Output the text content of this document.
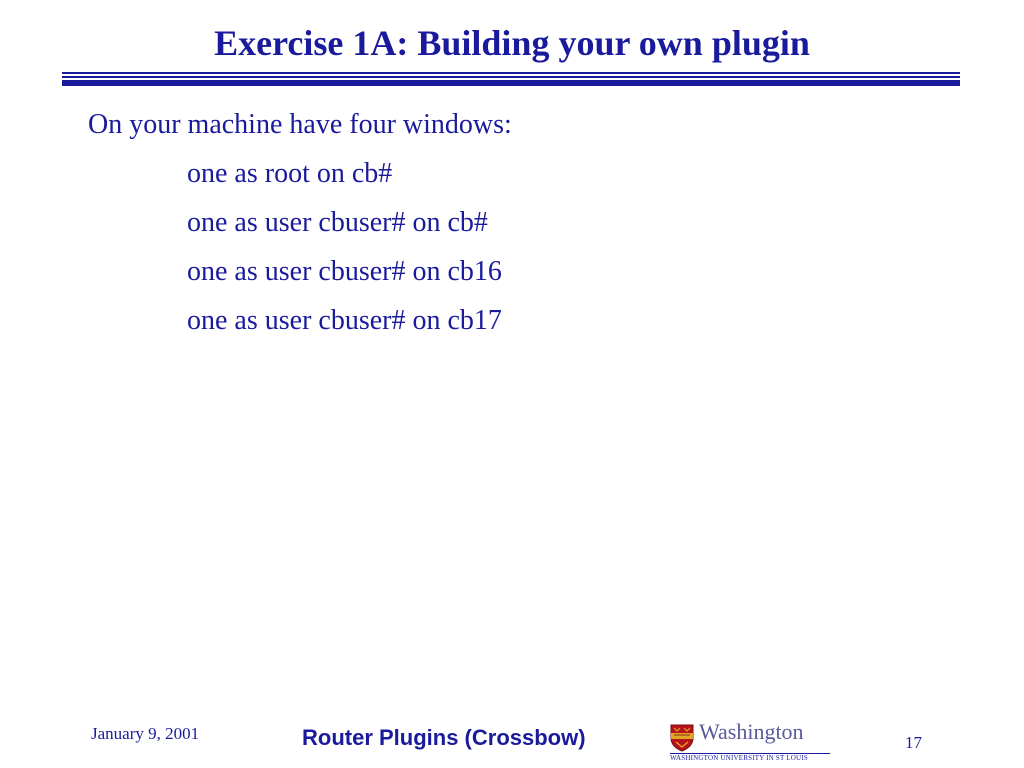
Exercise 1A: Building your own plugin
On your machine have four windows:
one as root on cb#
one as user cbuser# on cb#
one as user cbuser# on cb16
one as user cbuser# on cb17
January 9, 2001	Router Plugins (Crossbow)	Washington
WASHINGTON UNIVERSITY IN ST LOUIS
17
